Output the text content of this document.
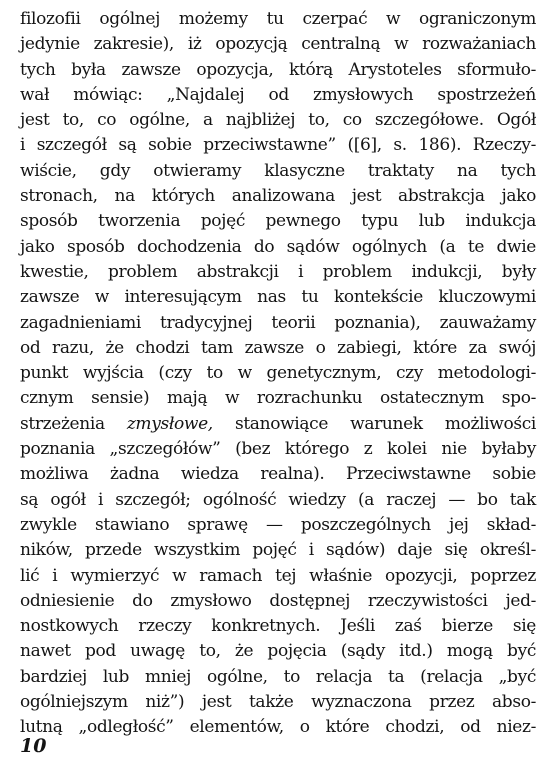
filozofii ogólnej możemy tu czerpać w ograniczonym
jedynie zakresie), iż opozycją centralną w rozważaniach
tych była zawsze opozycja, którą Arystoteles sformuło-
wał mówiąc: „Najdalej od zmysłowych spostrzeżeń
jest to, co ogólne, a najbliżej to, co szczegółowe. Ogół
i szczegół są sobie przeciwstawne” ([6], s. 186). Rzeczy-
wiście, gdy otwieramy klasyczne traktaty na tych
stronach, na których analizowana jest abstrakcja jako
sposób tworzenia pojęć pewnego typu lub indukcja
jako sposób dochodzenia do sądów ogólnych (a te dwie
kwestie, problem abstrakcji i problem indukcji, były
zawsze w interesującym nas tu kontekście kluczowymi
zagadnieniami tradycyjnej teorii poznania), zauważamy
od razu, że chodzi tam zawsze o zabiegi, które za swój
punkt wyjścia (czy to w genetycznym, czy metodologi-
cznym sensie) mają w rozrachunku ostatecznym spo-
strzeżenia zmysłowe, stanowiące warunek możliwości
poznania „szczegółów” (bez którego z kolei nie byłaby
możliwa żadna wiedza realna). Przeciwstawne sobie
są ogół i szczegół; ogólność wiedzy (a raczej — bo tak
zwykle stawiano sprawę — poszczególnych jej skład-
ników, przede wszystkim pojęć i sądów) daje się określ-
lić i wymierzyć w ramach tej właśnie opozycji, poprzez
odniesienie do zmysłowo dostępnej rzeczywistości jed-
nostkowych rzeczy konkretnych. Jeśli zaś bierze się
nawet pod uwagę to, że pojęcia (sądy itd.) mogą być
bardziej lub mniej ogólne, to relacja ta (relacja „być
ogólniejszym niż”) jest także wyznaczona przez abso-
lutną „odległość” elementów, o które chodzi, od niez-
10
